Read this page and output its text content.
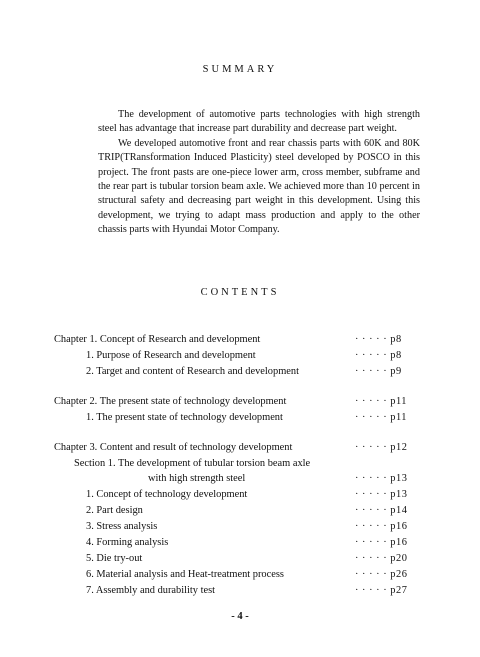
SUMMARY

The development of automotive parts technologies with high strength steel has advantage that increase part durability and decrease part weight.

We developed automotive front and rear chassis parts with 60K and 80K TRIP(TRansformation Induced Plasticity) steel developed by POSCO in this project. The front pasts are one-piece lower arm, cross member, subframe and the rear part is tubular torsion beam axle. We achieved more than 10 percent in structural safety and decreasing part weight in this development. Using this development, we trying to adapt mass production and apply to the other chassis parts with Hyundai Motor Company.

CONTENTS
Chapter 1. Concept of Research and development	· · · · · p8
1. Purpose of Research and development	· · · · · p8
2. Target and content of Research and development	· · · · · p9
Chapter 2. The present state of technology development	· · · · · p11
1. The present state of technology development	· · · · · p11
Chapter 3. Content and result of technology development	· · · · · p12
Section 1. The development of tubular torsion beam axle
with high strength steel	· · · · · p13
1. Concept of technology development	· · · · · p13
2. Part design	· · · · · p14
3. Stress analysis	· · · · · p16
4. Forming analysis	· · · · · p16
5. Die try-out	· · · · · p20
6. Material analysis and Heat-treatment process	· · · · · p26
7. Assembly and durability test	· · · · · p27
- 4 -
